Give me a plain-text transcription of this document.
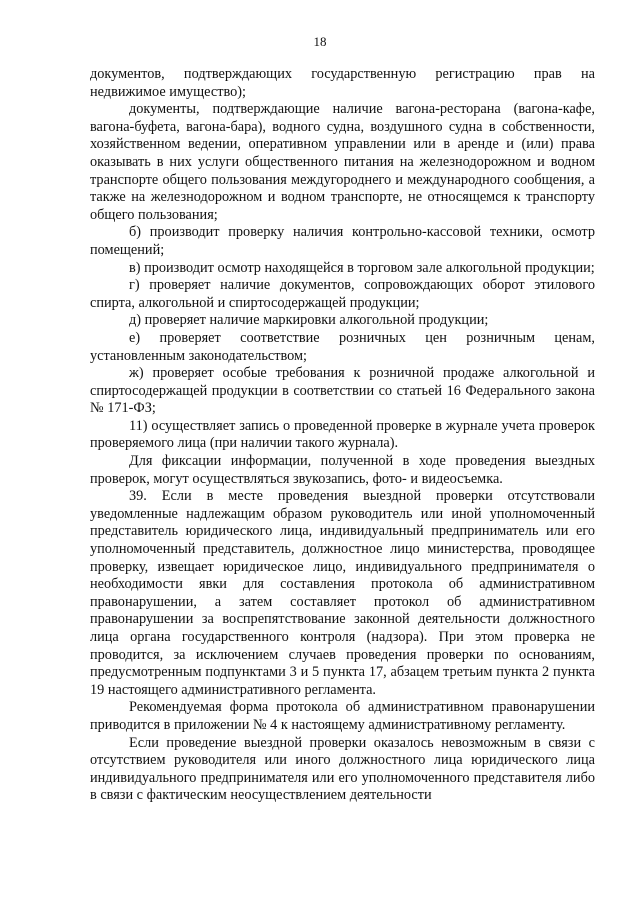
18

документов, подтверждающих государственную регистрацию прав на недвижимое имущество);

документы, подтверждающие наличие вагона-ресторана (вагона-кафе, вагона-буфета, вагона-бара), водного судна, воздушного судна в собственности, хозяйственном ведении, оперативном управлении или в аренде и (или) права оказывать в них услуги общественного питания на железнодорожном и водном транспорте общего пользования междугороднего и международного сообщения, а также на железнодорожном и водном транспорте, не относящемся к транспорту общего пользования;

б) производит проверку наличия контрольно-кассовой техники, осмотр помещений;

в) производит осмотр находящейся в торговом зале алкогольной продукции;

г) проверяет наличие документов, сопровождающих оборот этилового спирта, алкогольной и спиртосодержащей продукции;

д) проверяет наличие маркировки алкогольной продукции;

е) проверяет соответствие розничных цен розничным ценам, установленным законодательством;

ж) проверяет особые требования к розничной продаже алкогольной и спиртосодержащей продукции в соответствии со статьей 16 Федерального закона № 171-ФЗ;

11) осуществляет запись о проведенной проверке в журнале учета проверок проверяемого лица (при наличии такого журнала).

Для фиксации информации, полученной в ходе проведения выездных проверок, могут осуществляться звукозапись, фото- и видеосъемка.

39. Если в месте проведения выездной проверки отсутствовали уведомленные надлежащим образом руководитель или иной уполномоченный представитель юридического лица, индивидуальный предприниматель или его уполномоченный представитель, должностное лицо министерства, проводящее проверку, извещает юридическое лицо, индивидуального предпринимателя о необходимости явки для составления протокола об административном правонарушении, а затем составляет протокол об административном правонарушении за воспрепятствование законной деятельности должностного лица органа государственного контроля (надзора). При этом проверка не проводится, за исключением случаев проведения проверки по основаниям, предусмотренным подпунктами 3 и 5 пункта 17, абзацем третьим пункта 2 пункта 19 настоящего административного регламента.

Рекомендуемая форма протокола об административном правонарушении приводится в приложении № 4 к настоящему административному регламенту.

Если проведение выездной проверки оказалось невозможным в связи с отсутствием руководителя или иного должностного лица юридического лица индивидуального предпринимателя или его уполномоченного представителя либо в связи с фактическим неосуществлением деятельности
